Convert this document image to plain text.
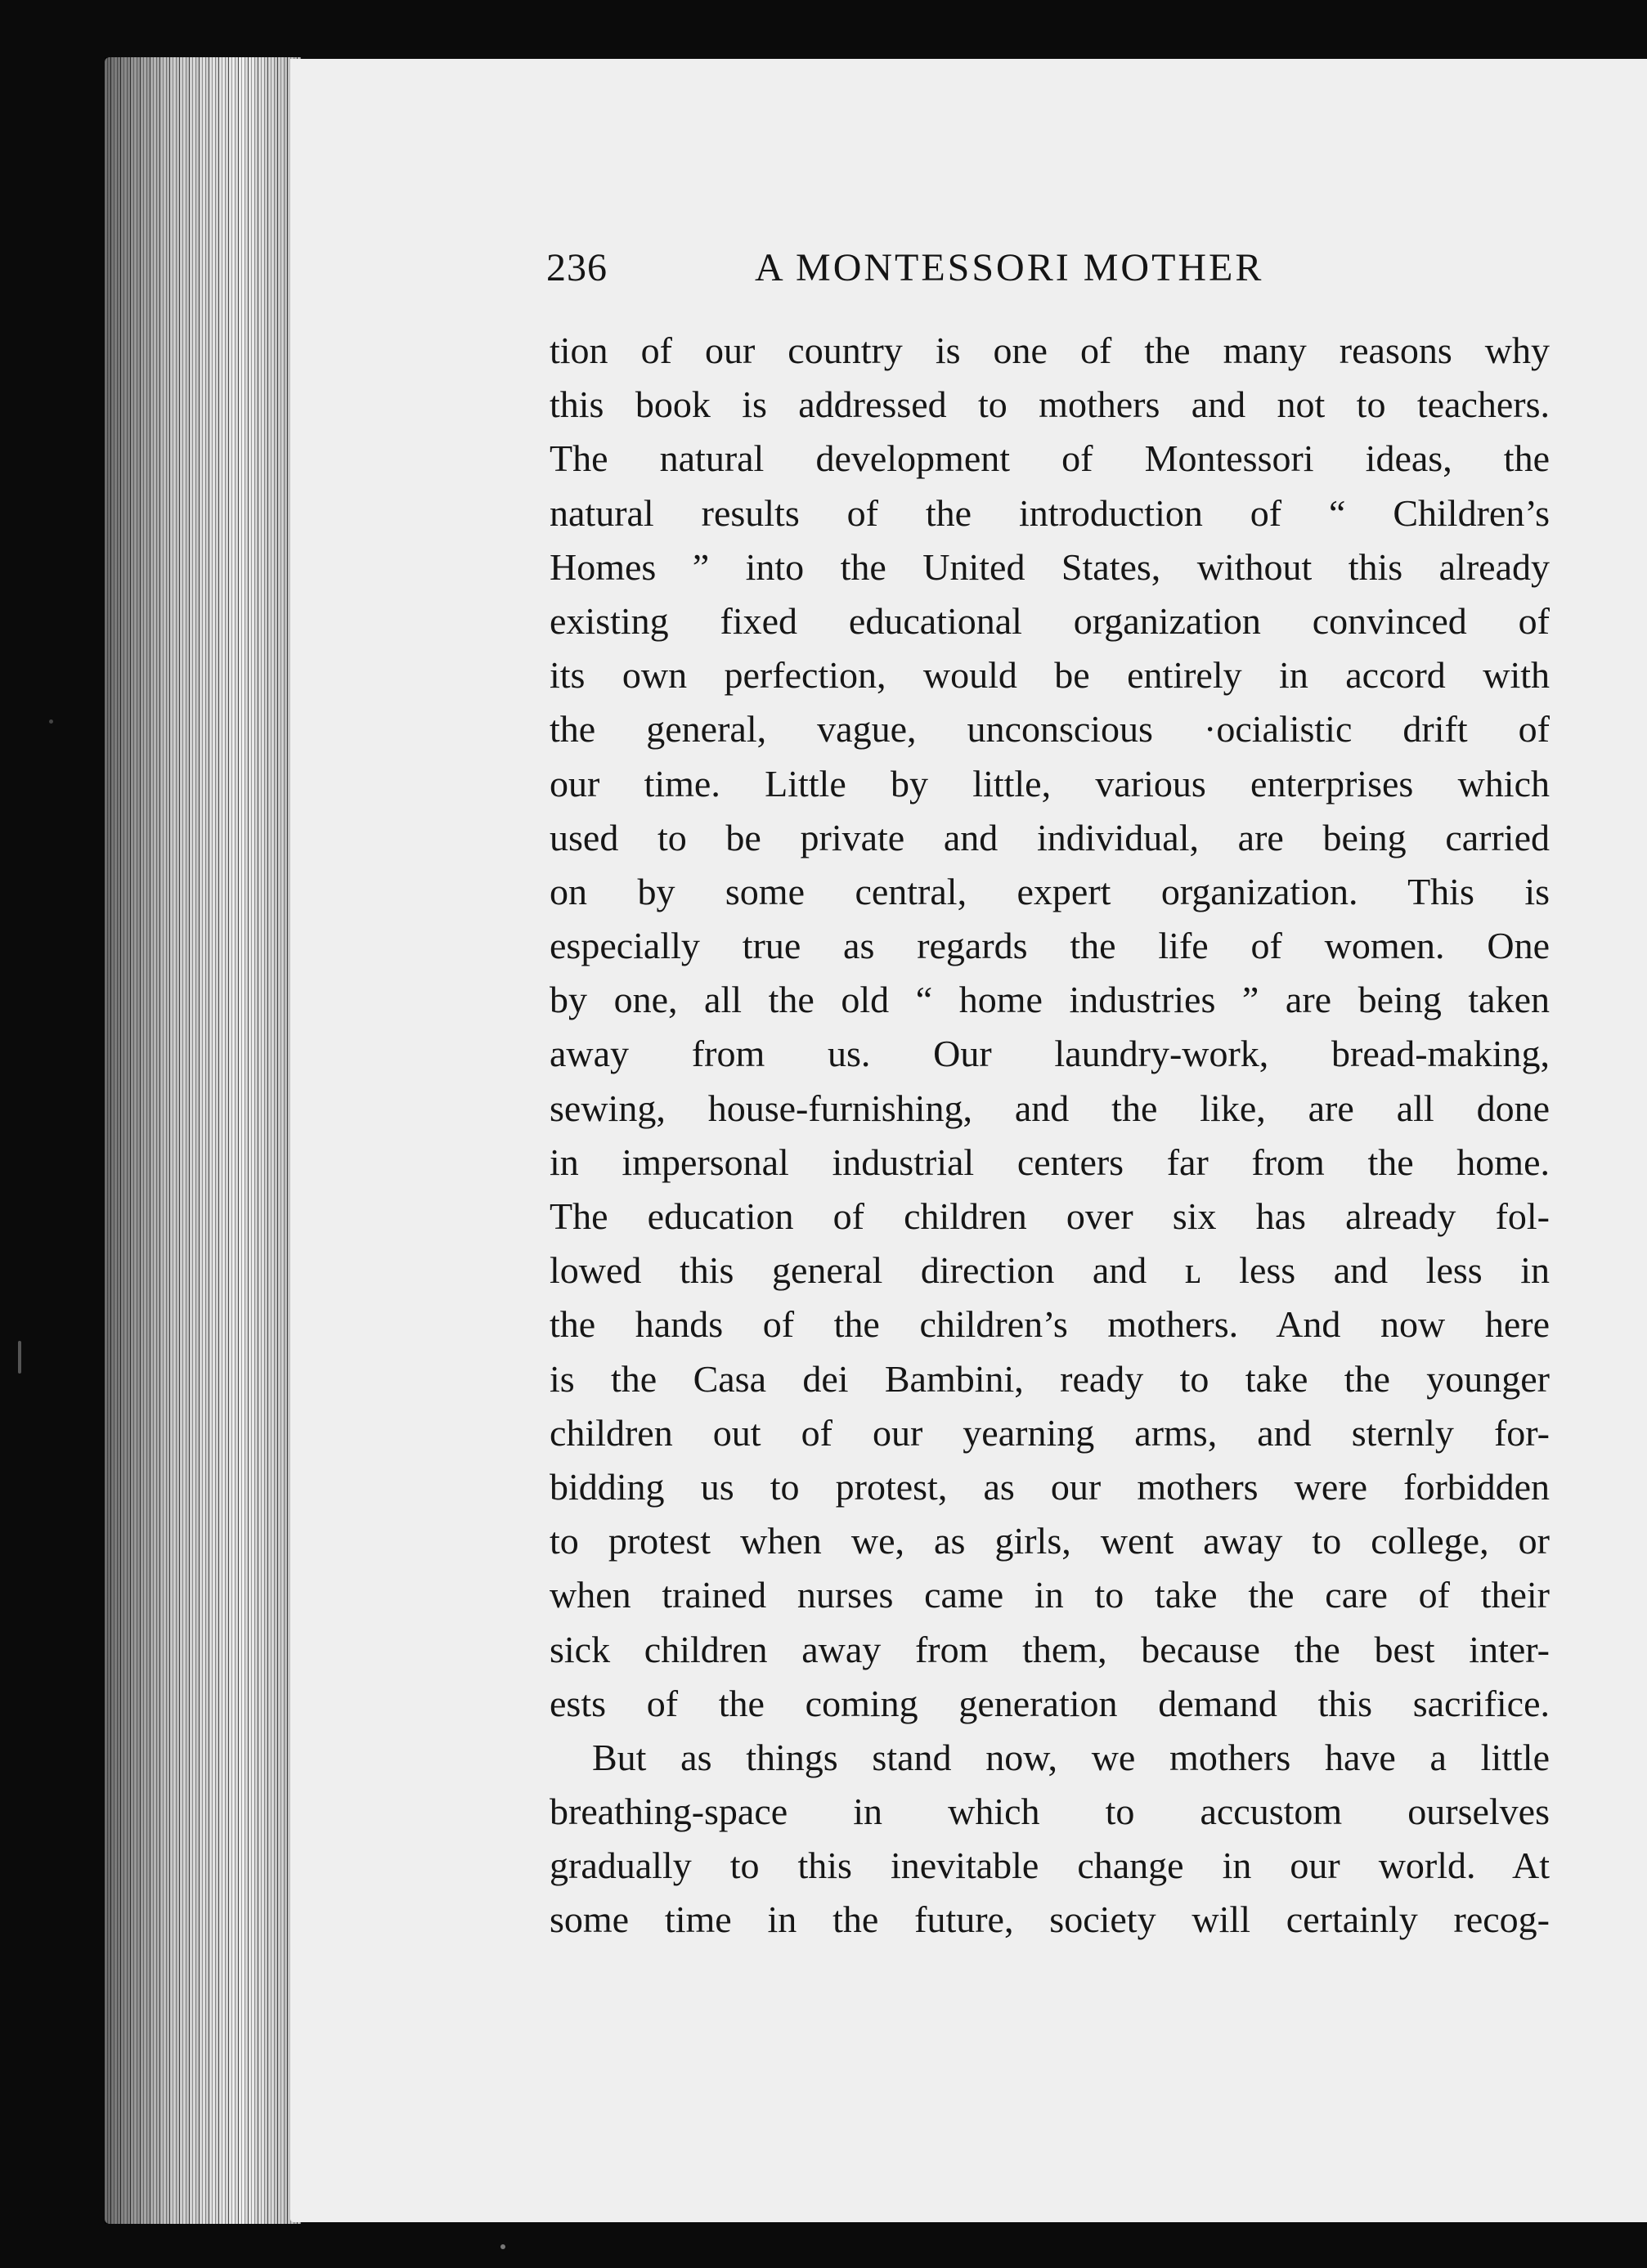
236	A MONTESSORI MOTHER
tion of our country is one of the many reasons why
this book is addressed to mothers and not to teachers.
The natural development of Montessori ideas, the
natural results of the introduction of “ Children’s
Homes ” into the United States, without this already
existing fixed educational organization convinced of
its own perfection, would be entirely in accord with
the general, vague, unconscious ·ocialistic drift of
our time. Little by little, various enterprises which
used to be private and individual, are being carried
on by some central, expert organization. This is
especially true as regards the life of women. One
by one, all the old “ home industries ” are being taken
away from us. Our laundry-work, bread-making,
sewing, house-furnishing, and the like, are all done
in impersonal industrial centers far from the home.
The education of children over six has already fol-
lowed this general direction and ʟ less and less in
the hands of the children’s mothers. And now here
is the Casa dei Bambini, ready to take the younger
children out of our yearning arms, and sternly for-
bidding us to protest, as our mothers were forbidden
to protest when we, as girls, went away to college, or
when trained nurses came in to take the care of their
sick children away from them, because the best inter-
ests of the coming generation demand this sacrifice.
But as things stand now, we mothers have a little
breathing-space in which to accustom ourselves
gradually to this inevitable change in our world. At
some time in the future, society will certainly recog-
